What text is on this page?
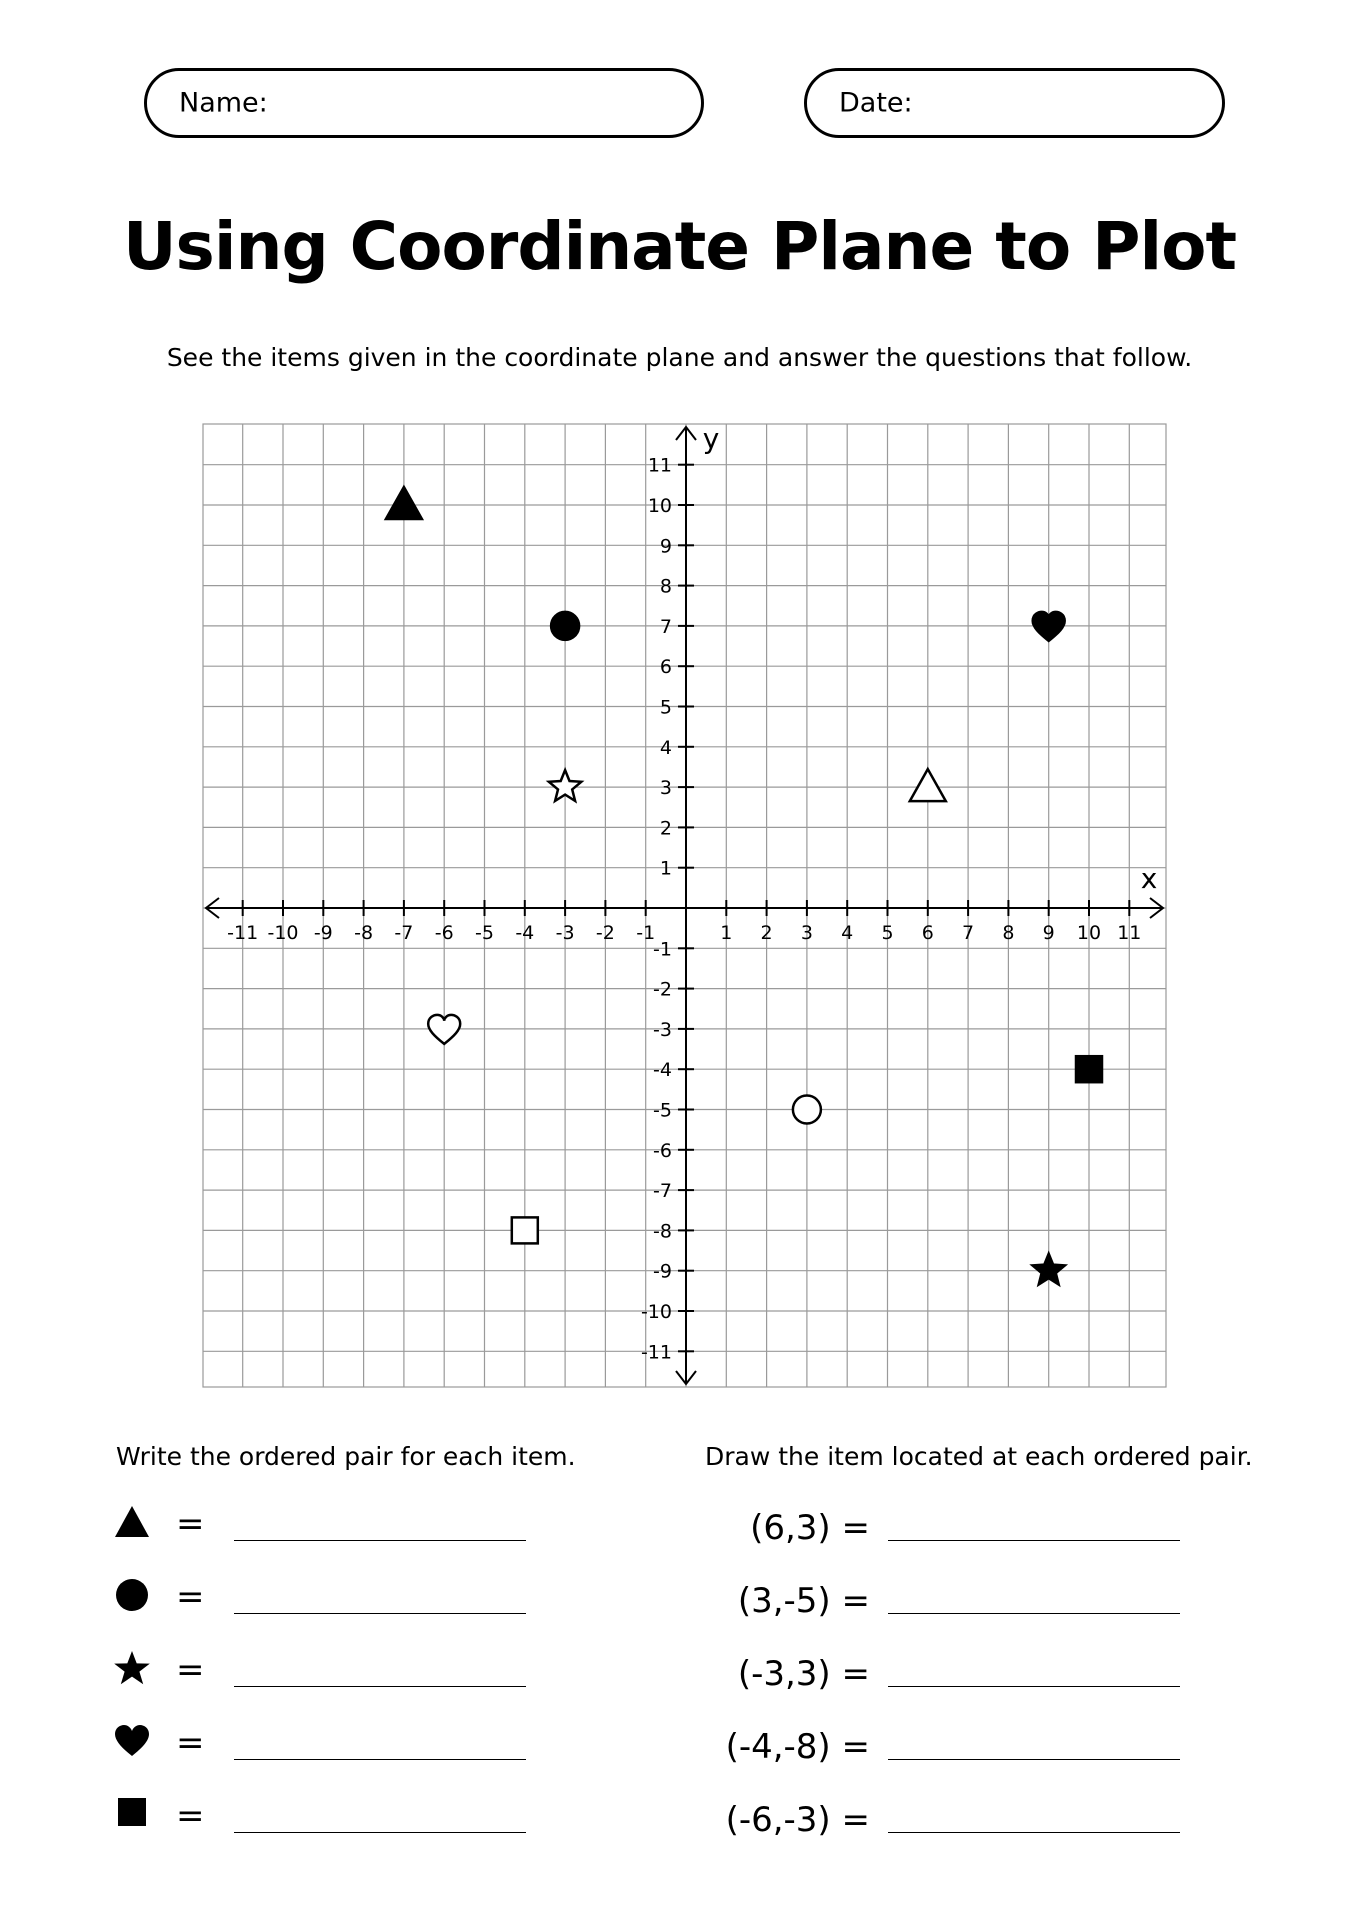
Name:	Date:
Using Coordinate Plane to Plot

See the items given in the coordinate plane and answer the questions that follow.

x
y
-11 -10 -9 -8 -7 -6 -5 -4 -3 -2 -1	1 2 3 4 5 6 7 8 9 10 11
11
10
9
8
7
6
5
4
3
2
1
-1
-2
-3
-4
-5
-6
-7
-8
-9
-10
-11

Write the ordered pair for each item.	Draw the item located at each ordered pair.

=
=
=
=
=
(6,3) =
(3,-5) =
(-3,3) =
(-4,-8) =
(-6,-3) =
